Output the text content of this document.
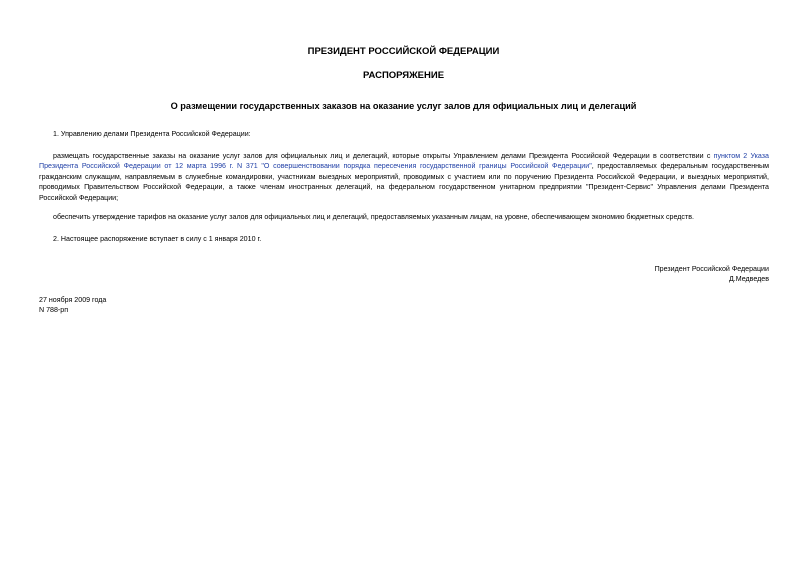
ПРЕЗИДЕНТ РОССИЙСКОЙ ФЕДЕРАЦИИ
РАСПОРЯЖЕНИЕ
О размещении государственных заказов на оказание услуг залов для официальных лиц и делегаций
1. Управлению делами Президента Российской Федерации:
размещать государственные заказы на оказание услуг залов для официальных лиц и делегаций, которые открыты Управлением делами Президента Российской Федерации в соответствии с пунктом 2 Указа Президента Российской Федерации от 12 марта 1996 г. N 371 "О совершенствовании порядка пересечения государственной границы Российской Федерации", предоставляемых федеральным государственным гражданским служащим, направляемым в служебные командировки, участникам выездных мероприятий, проводимых с участием или по поручению Президента Российской Федерации, и выездных мероприятий, проводимых Правительством Российской Федерации, а также членам иностранных делегаций, на федеральном государственном унитарном предприятии "Президент-Сервис" Управления делами Президента Российской Федерации;
обеспечить утверждение тарифов на оказание услуг залов для официальных лиц и делегаций, предоставляемых указанным лицам, на уровне, обеспечивающем экономию бюджетных средств.
2. Настоящее распоряжение вступает в силу с 1 января 2010 г.
Президент Российской Федерации
Д.Медведев
27 ноября 2009 года
N 788-рп
